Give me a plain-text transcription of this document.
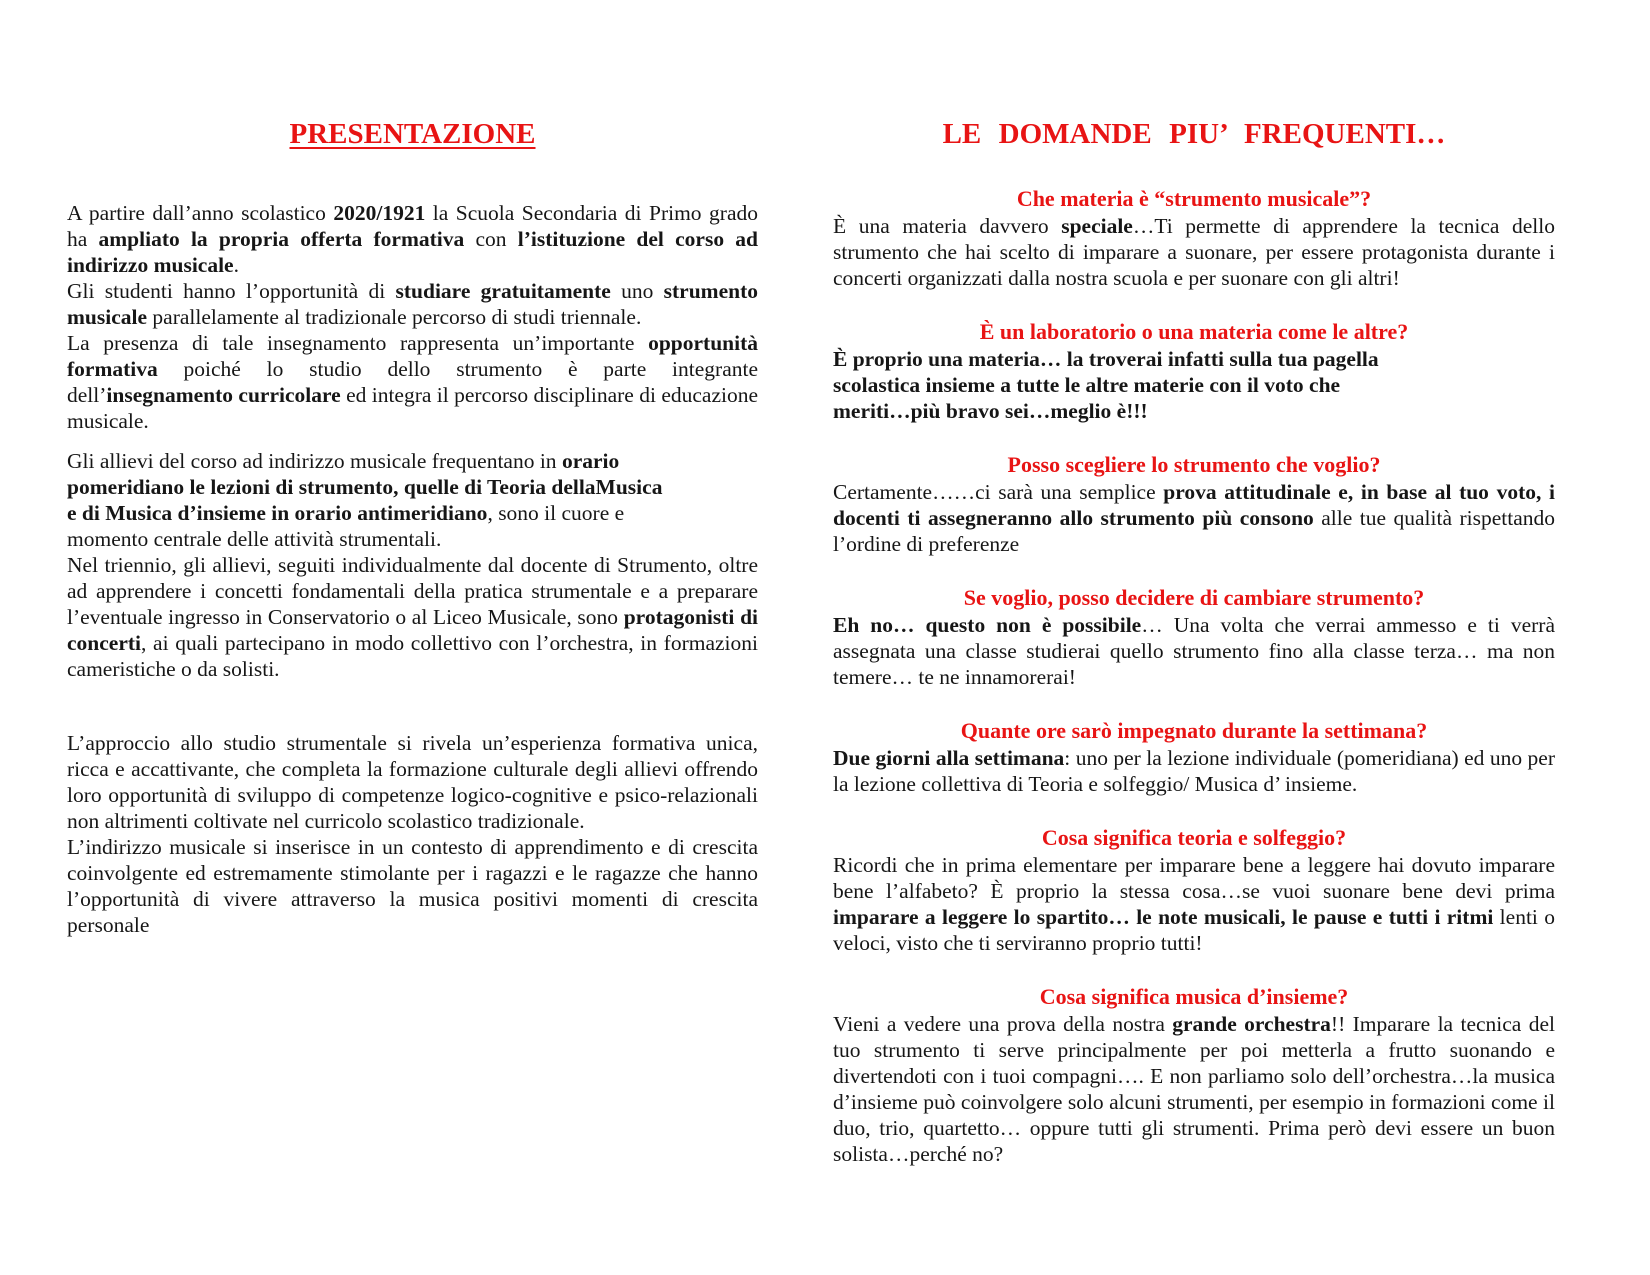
PRESENTAZIONE

A partire dall’anno scolastico 2020/1921 la Scuola Secondaria di Primo grado ha ampliato la propria offerta formativa con l’istituzione del corso ad indirizzo musicale.

Gli studenti hanno l’opportunità di studiare gratuitamente uno strumento musicale parallelamente al tradizionale percorso di studi triennale.

La presenza di tale insegnamento rappresenta un’importante opportunità formativa poiché lo studio dello strumento è parte integrante dell’insegnamento curricolare ed integra il percorso disciplinare di educazione musicale.

Gli allievi del corso ad indirizzo musicale frequentano in orario
pomeridiano le lezioni di strumento, quelle di Teoria dellaMusica
e di Musica d’insieme in orario antimeridiano, sono il cuore e
momento centrale delle attività strumentali.

Nel triennio, gli allievi, seguiti individualmente dal docente di Strumento, oltre ad apprendere i concetti fondamentali della pratica strumentale e a preparare l’eventuale ingresso in Conservatorio o al Liceo Musicale, sono protagonisti di concerti, ai quali partecipano in modo collettivo con l’orchestra, in formazioni cameristiche o da solisti.

L’approccio allo studio strumentale si rivela un’esperienza formativa unica, ricca e accattivante, che completa la formazione culturale degli allievi offrendo loro opportunità di sviluppo di competenze logico-cognitive e psico-relazionali non altrimenti coltivate nel curricolo scolastico tradizionale.

L’indirizzo musicale si inserisce in un contesto di apprendimento e di crescita coinvolgente ed estremamente stimolante per i ragazzi e le ragazze che hanno l’opportunità di vivere attraverso la musica positivi momenti di crescita personale

LE DOMANDE PIU’ FREQUENTI…

Che materia è “strumento musicale”?

È una materia davvero speciale…Ti permette di apprendere la tecnica dello strumento che hai scelto di imparare a suonare, per essere protagonista durante i concerti organizzati dalla nostra scuola e per suonare con gli altri!

È un laboratorio o una materia come le altre?

È proprio una materia… la troverai infatti sulla tua pagella
scolastica insieme a tutte le altre materie con il voto che
meriti…più bravo sei…meglio è!!!

Posso scegliere lo strumento che voglio?

Certamente……ci sarà una semplice prova attitudinale e, in base al tuo voto, i docenti ti assegneranno allo strumento più consono alle tue qualità rispettando l’ordine di preferenze

Se voglio, posso decidere di cambiare strumento?

Eh no… questo non è possibile… Una volta che verrai ammesso e ti verrà assegnata una classe studierai quello strumento fino alla classe terza… ma non temere… te ne innamorerai!

Quante ore sarò impegnato durante la settimana?

Due giorni alla settimana: uno per la lezione individuale (pomeridiana) ed uno per la lezione collettiva di Teoria e solfeggio/ Musica d’ insieme.

Cosa significa teoria e solfeggio?

Ricordi che in prima elementare per imparare bene a leggere hai dovuto imparare bene l’alfabeto? È proprio la stessa cosa…se vuoi suonare bene devi prima imparare a leggere lo spartito… le note musicali, le pause e tutti i ritmi lenti o veloci, visto che ti serviranno proprio tutti!

Cosa significa musica d’insieme?

Vieni a vedere una prova della nostra grande orchestra!! Imparare la tecnica del tuo strumento ti serve principalmente per poi metterla a frutto suonando e divertendoti con i tuoi compagni…. E non parliamo solo dell’orchestra…la musica d’insieme può coinvolgere solo alcuni strumenti, per esempio in formazioni come il duo, trio, quartetto… oppure tutti gli strumenti. Prima però devi essere un buon solista…perché no?
